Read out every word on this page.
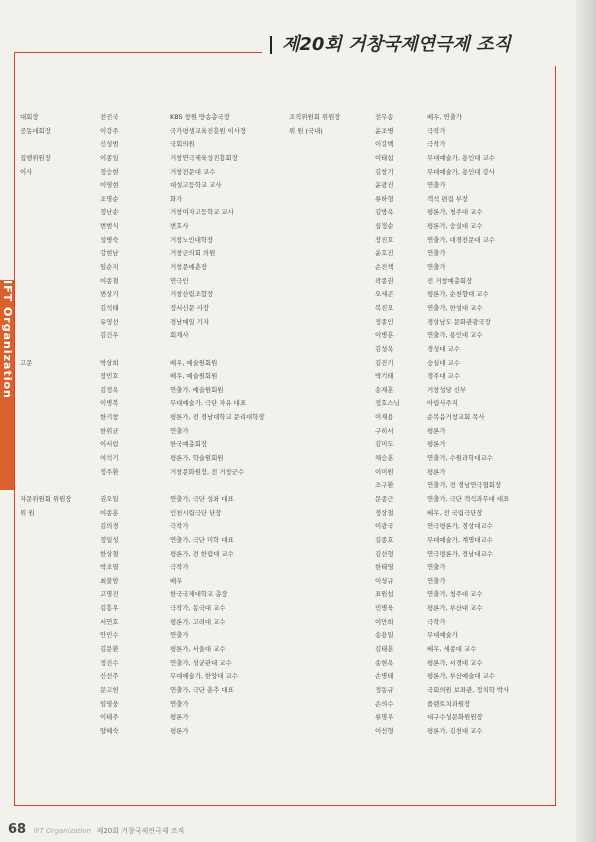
제20회 거창국제연극제 조직
IFT Organization
대회장	전진국	KBS 창원 방송총국장
공동대회장	이강주	국가평생교육진흥원 이사장
신성범	국회의원
집행위원장	이종일	거창연극제육성진흥회장
이사	정승현	거창전문대 교수
이영현	대성고등학교 교사
조명순	화가
정난순	거창여자고등학교 교사
변범식	변호사
성병숙	거창노인대학장
강현남	거창군의회 의원
임순지	거창문예춘장
이종철	연극인
변상기	거창산림조합장
김석태	정서신문 사장
유영선	경남매일 기자
김건우	회계사
고문	박상희	배우, 예술원회원
장민호	배우, 예술원회원
김정옥	연출가, 예술원회원
이병복	무대예술가, 극단 자유 대표
한기창	평론가, 전 경남대학교 문리대학장
한위균	연출가
이서림	한국예총회장
여석기	평론가, 학술원회원
정주환	거창문화원장, 전 거창군수
자문위원회 위원장	권오일	연출가, 극단 성좌 대표
위 원	이종훈	인천시립극단 단장
김의경	극작가
정일성	연출가, 극단 미학 대표
한상철	평론가, 전 한림대 교수
박조열	극작가
최불암	배우
고명진	한국국제대학교 총장
김흥우	극작가, 동국대 교수
서연호	평론가, 고려대 교수
안민수	연출가
김문환	평론가, 서울대 교수
정진수	연출가, 성균관대 교수
신선주	무대예술가, 한양대 교수
문고헌	연출가, 극단 춘추 대표
임영웅	연출가
이태주	평론가
양혜숙	평론가
조직위원회 위원장	전무송	배우, 연출가
위 원 (국내)	윤조병	극작가
이강백	극작가
이태섭	무대예술가, 용인대 교수
김창기	무대예술가, 용인대 강사
윤광진	연출가
류하형	객석 편집 부장
김방옥	평론가, 청주대 교수
심정순	평론가, 숭실대 교수
장진호	연출가, 대경전문대 교수
윤호진	연출가
손진책	연출가
곽종권	전 거창예총회장
오세곤	평론가, 순천향대 교수
복진오	연출가, 한성대 교수
정종인	경상남도 문화관광국장
이병훈	연출가, 용인대 교수
김성옥	경성대 교수
김진기	숭실대 교수
박기태	경주대 교수
송재훈	거창성당 신부
정호스님	아림사주지
이재용	순복음거창교회 목사
구히서	평론가
김미도	평론가
채승훈	연출가, 수원과학대교수
이미원	평론가
조구환	연출가, 전 경남연극협회장
문종근	연출가, 극단 객석과무대 대표
정상철	배우, 전 국립극단장
이광국	연극평론가, 경상대교수
김종호	무대예술가, 계명대교수
김선형	연극평론가, 경남대교수
한태영	연출가
이성규	연출가
표원섭	연출가, 청주대 교수
민병욱	평론가, 부산대 교수
이만희	극작가
송용일	무대예술가
김태훈	배우, 세종대 교수
송현옥	평론가, 서경대 교수
손병태	평론가, 부산예술대 교수
정동규	국회의원 보좌관, 정치학 박사
손의수	플랜트치과원장
류명우	대구수성문화원원장
이선형	평론가, 김천대 교수
68 IFT Organization 제20회 거창국제연극제 조직
